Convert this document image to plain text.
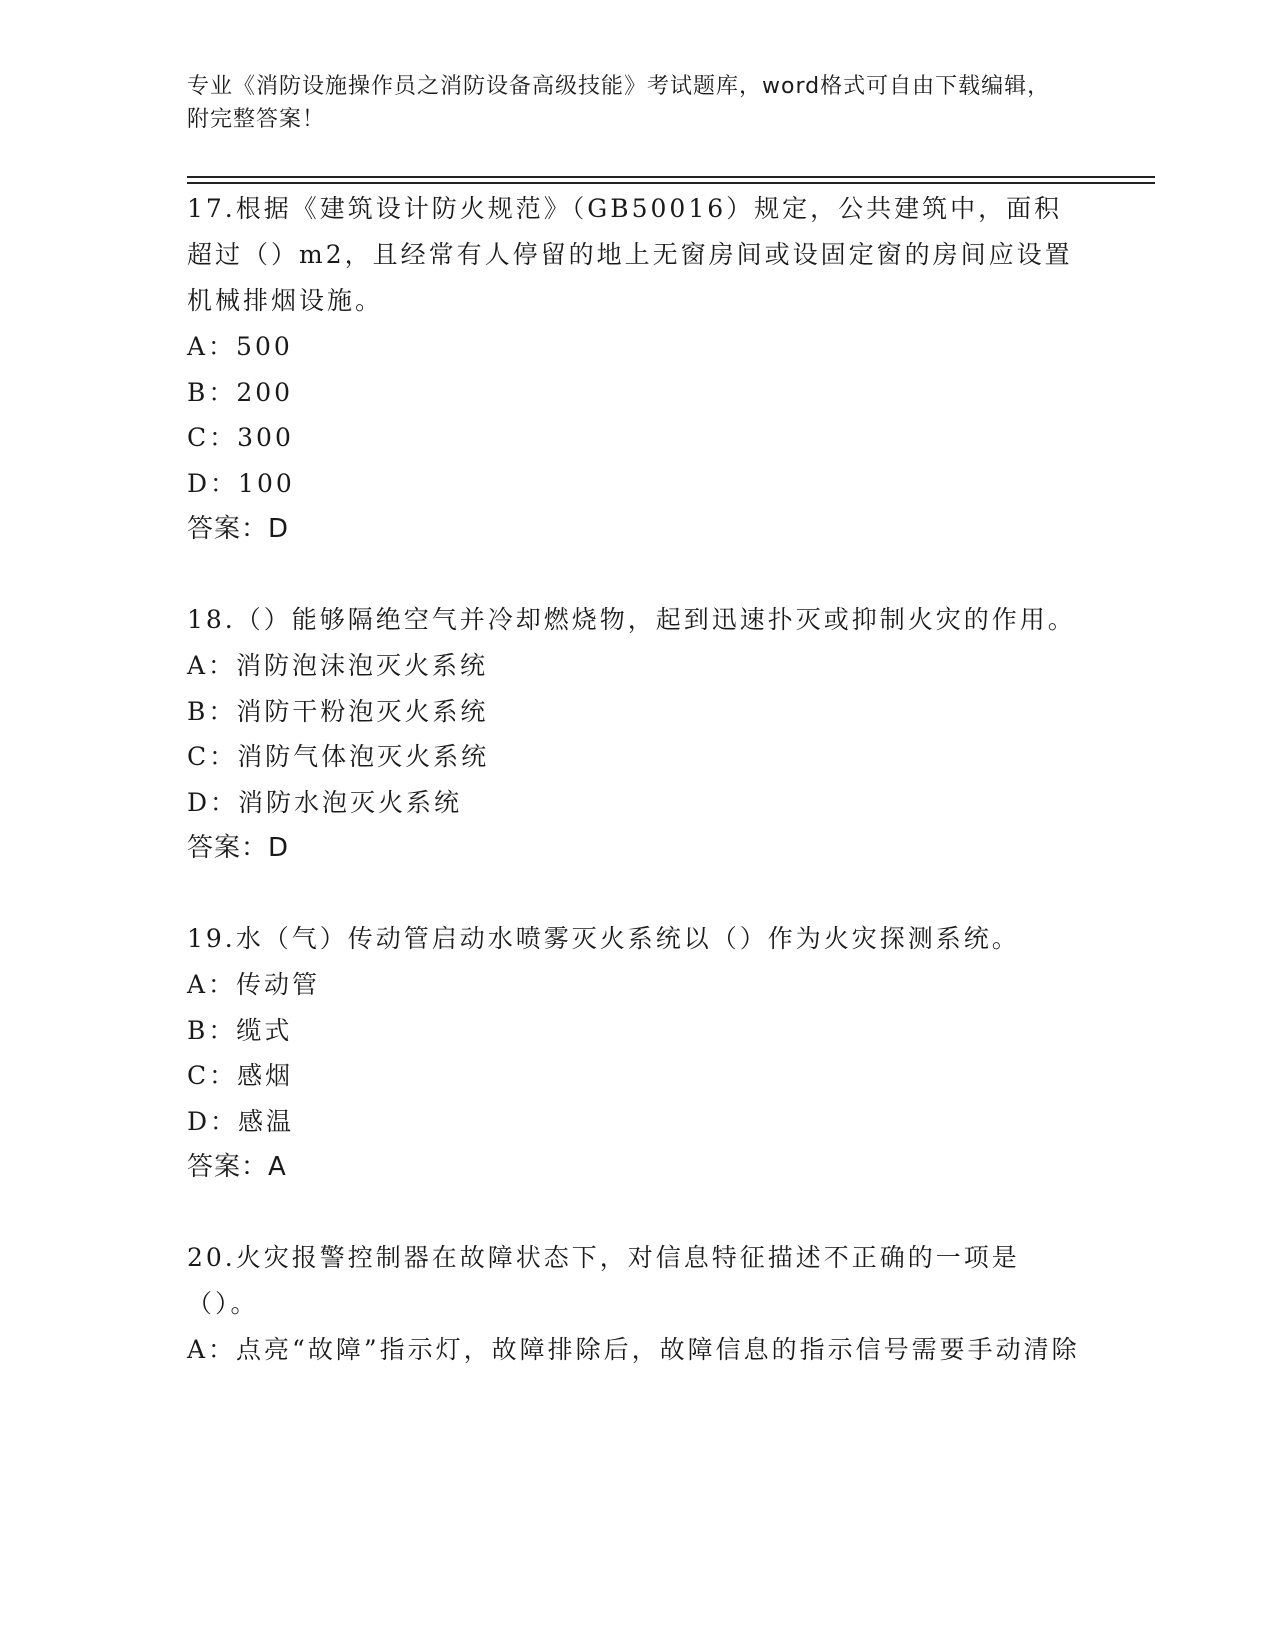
专业《消防设施操作员之消防设备高级技能》考试题库，word格式可自由下载编辑，附完整答案！

17.根据《建筑设计防火规范》（GB50016）规定，公共建筑中，面积超过（）m2，且经常有人停留的地上无窗房间或设固定窗的房间应设置机械排烟设施。

A：500

B：200

C：300

D：100

答案：D

18.（）能够隔绝空气并冷却燃烧物，起到迅速扑灭或抑制火灾的作用。

A：消防泡沫泡灭火系统

B：消防干粉泡灭火系统

C：消防气体泡灭火系统

D：消防水泡灭火系统

答案：D

19.水（气）传动管启动水喷雾灭火系统以（）作为火灾探测系统。

A：传动管

B：缆式

C：感烟

D：感温

答案：A

20.火灾报警控制器在故障状态下，对信息特征描述不正确的一项是（）。

A：点亮“故障”指示灯，故障排除后，故障信息的指示信号需要手动清除
